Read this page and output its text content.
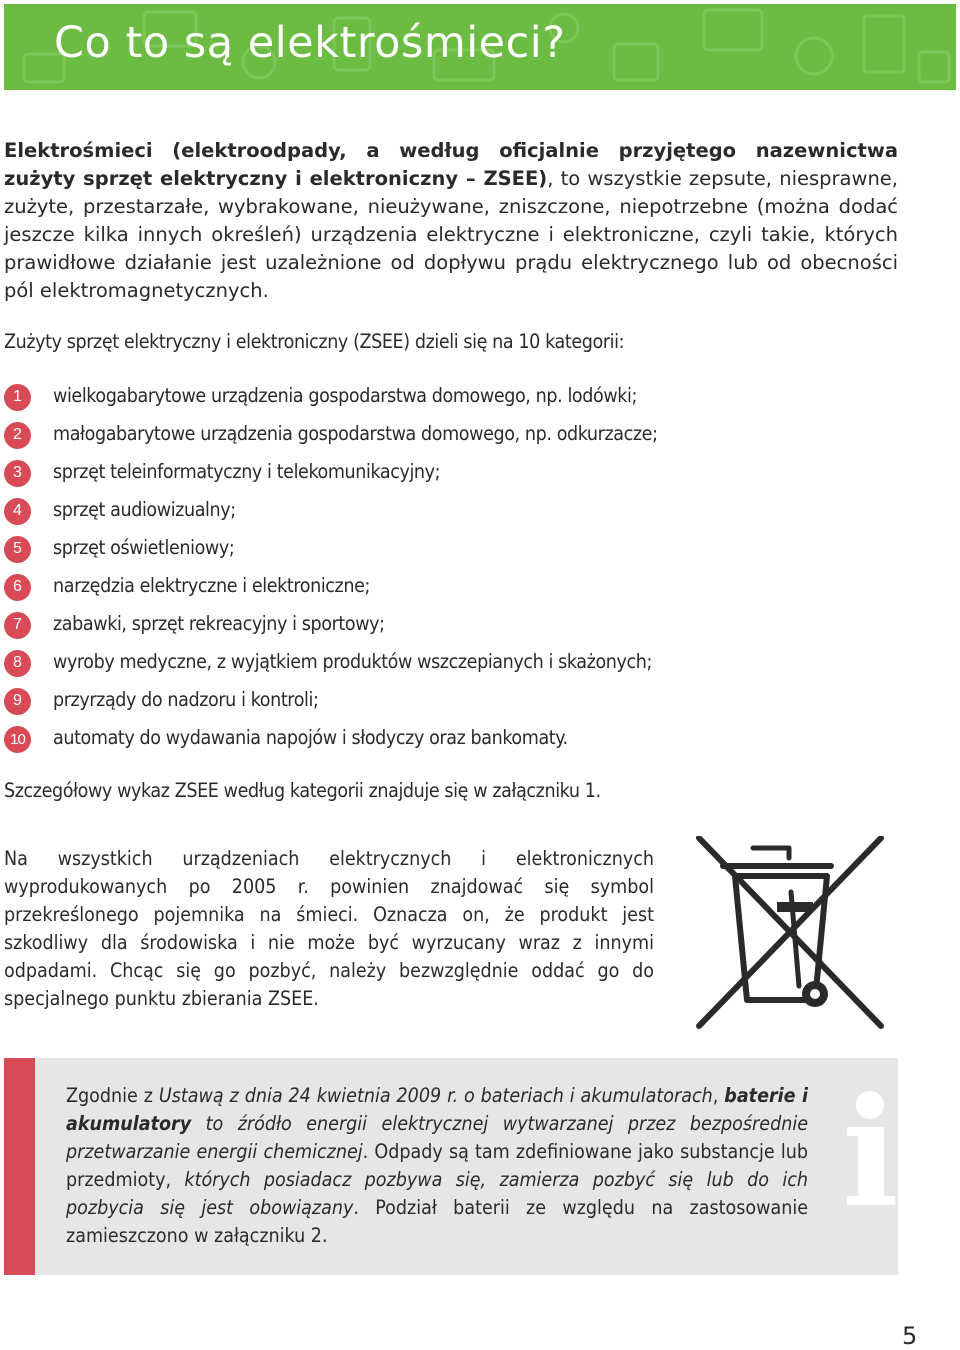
Co to są elektrośmieci?

Elektrośmieci (elektroodpady, a według oficjalnie przyjętego nazewnictwa zużyty sprzęt elektryczny i elektroniczny – ZSEE), to wszystkie zepsute, niesprawne, zużyte, przestarzałe, wybrakowane, nieużywane, zniszczone, niepotrzebne (można dodać jeszcze kilka innych określeń) urządzenia elektryczne i elektroniczne, czyli takie, których prawidłowe działanie jest uzależnione od dopływu prądu elektrycznego lub od obecności pól elektromagnetycznych.

Zużyty sprzęt elektryczny i elektroniczny (ZSEE) dzieli się na 10 kategorii:

1	wielkogabarytowe urządzenia gospodarstwa domowego, np. lodówki;
2	małogabarytowe urządzenia gospodarstwa domowego, np. odkurzacze;
3	sprzęt teleinformatyczny i telekomunikacyjny;
4	sprzęt audiowizualny;
5	sprzęt oświetleniowy;
6	narzędzia elektryczne i elektroniczne;
7	zabawki, sprzęt rekreacyjny i sportowy;
8	wyroby medyczne, z wyjątkiem produktów wszczepianych i skażonych;
9	przyrządy do nadzoru i kontroli;
10	automaty do wydawania napojów i słodyczy oraz bankomaty.

Szczegółowy wykaz ZSEE według kategorii znajduje się w załączniku 1.

Na wszystkich urządzeniach elektrycznych i elektronicznych wyprodukowanych po 2005 r. powinien znajdować się symbol przekreślonego pojemnika na śmieci. Oznacza on, że produkt jest szkodliwy dla środowiska i nie może być wyrzucany wraz z innymi odpadami. Chcąc się go pozbyć, należy bezwzględnie oddać go do specjalnego punktu zbierania ZSEE.

Zgodnie z Ustawą z dnia 24 kwietnia 2009 r. o bateriach i akumulatorach, baterie i akumulatory to źródło energii elektrycznej wytwarzanej przez bezpośrednie przetwarzanie energii chemicznej. Odpady są tam zdefiniowane jako substancje lub przedmioty, których posiadacz pozbywa się, zamierza pozbyć się lub do ich pozbycia się jest obowiązany. Podział baterii ze względu na zastosowanie zamieszczono w załączniku 2.	i
5
